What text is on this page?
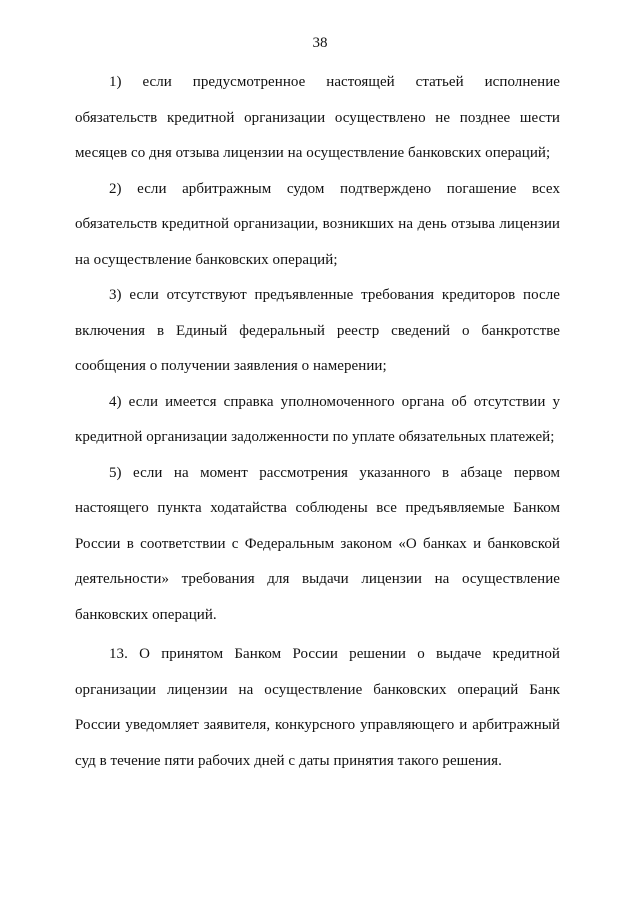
38

1) если предусмотренное настоящей статьей исполнение обязательств кредитной организации осуществлено не позднее шести месяцев со дня отзыва лицензии на осуществление банковских операций;

2) если арбитражным судом подтверждено погашение всех обязательств кредитной организации, возникших на день отзыва лицензии на осуществление банковских операций;

3) если отсутствуют предъявленные требования кредиторов после включения в Единый федеральный реестр сведений о банкротстве сообщения о получении заявления о намерении;

4) если имеется справка уполномоченного органа об отсутствии у кредитной организации задолженности по уплате обязательных платежей;

5) если на момент рассмотрения указанного в абзаце первом настоящего пункта ходатайства соблюдены все предъявляемые Банком России в соответствии с Федеральным законом «О банках и банковской деятельности» требования для выдачи лицензии на осуществление банковских операций.

13. О принятом Банком России решении о выдаче кредитной организации лицензии на осуществление банковских операций Банк России уведомляет заявителя, конкурсного управляющего и арбитражный суд в течение пяти рабочих дней с даты принятия такого решения.
